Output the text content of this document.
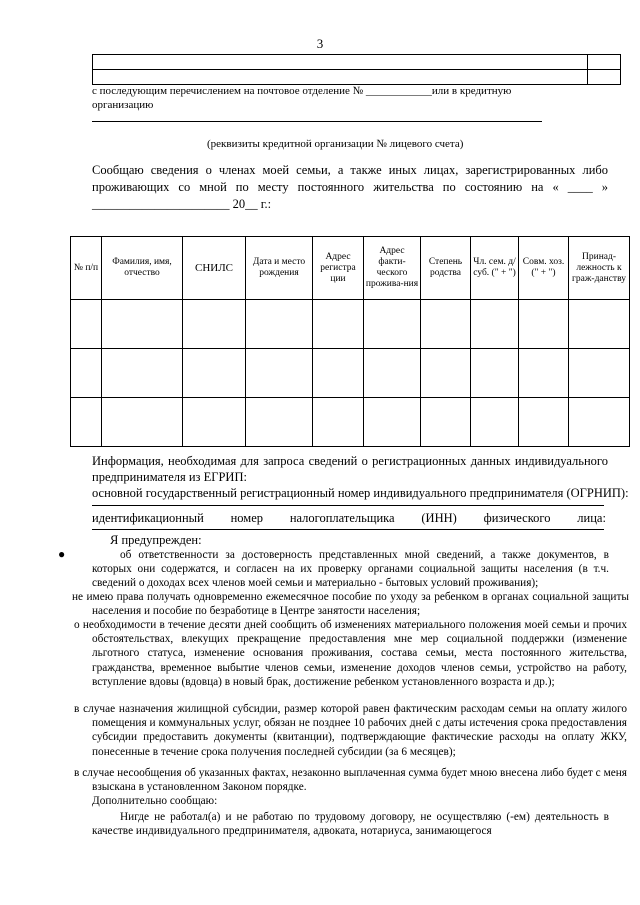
3

с последующим перечислением на почтовое отделение № ____________или в кредитную
организацию
(реквизиты кредитной организации № лицевого счета)
Сообщаю сведения о членах моей семьи, а также иных лицах, зарегистрированных либо
проживающих со мной по месту постоянного жительства по состоянию на « ____ »
______________________ 20__ г.:
№ п/п	Фамилия, имя, отчество	СНИЛС	Дата и место рождения	Адрес регистра ции	Адрес факти-ческого прожива-ния	Степень родства	Чл. сем. д/суб. (" + ")	Совм. хоз. (" + ")	Принад-лежность к граж-данству

Информация, необходимая для запроса сведений о регистрационных данных индивидуального
предпринимателя из ЕГРИП:
основной государственный регистрационный номер индивидуального предпринимателя (ОГРНИП):
идентификационный номер налогоплательщика (ИНН) физического лица:
Я предупрежден:
●	об ответственности за достоверность представленных мной сведений, а также документов, в которых они содержатся, и согласен на их проверку органами социальной защиты населения (в т.ч. сведений о доходах всех членов моей семьи и материально - бытовых условий проживания);
не имею права получать одновременно ежемесячное пособие по уходу за ребенком в органах социальной защиты населения и пособие по безработице в Центре занятости населения;
о необходимости в течение десяти дней сообщить об изменениях материального положения моей семьи и прочих обстоятельствах, влекущих прекращение предоставления мне мер социальной поддержки (изменение льготного статуса, изменение основания проживания, состава семьи, места постоянного жительства, гражданства, временное выбытие членов семьи, изменение доходов членов семьи, устройство на работу, вступление вдовы (вдовца) в новый брак, достижение ребенком установленного возраста и др.);
в случае назначения жилищной субсидии, размер которой равен фактическим расходам семьи на оплату жилого помещения и коммунальных услуг, обязан не позднее 10 рабочих дней с даты истечения срока предоставления субсидии предоставить документы (квитанции), подтверждающие фактические расходы на оплату ЖКУ, понесенные в течение срока получения последней субсидии (за 6 месяцев);
в случае несообщения об указанных фактах, незаконно выплаченная сумма будет мною внесена либо будет с меня взыскана в установленном Законом порядке.
Дополнительно сообщаю:
Нигде не работал(а) и не работаю по трудовому договору, не осуществляю (-ем) деятельность в качестве индивидуального предпринимателя, адвоката, нотариуса, занимающегося
